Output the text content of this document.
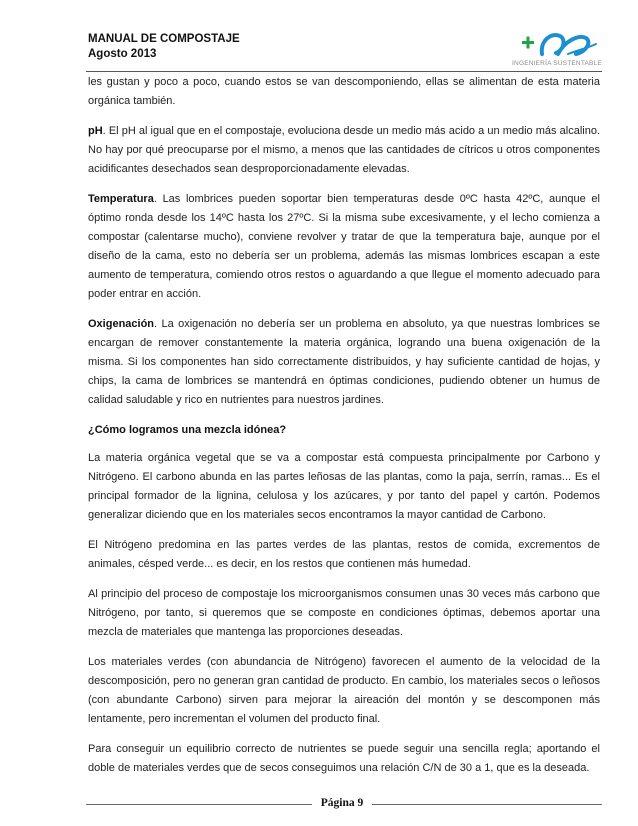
MANUAL DE COMPOSTAJE
Agosto 2013
INGENIERÍA SUSTENTABLE

les gustan y poco a poco, cuando estos se van descomponiendo, ellas se alimentan de esta materia orgánica también.

pH. El pH al igual que en el compostaje, evoluciona desde un medio más acido a un medio más alcalino. No hay por qué preocuparse por el mismo, a menos que las cantidades de cítricos u otros componentes acidificantes desechados sean desproporcionadamente elevadas.

Temperatura. Las lombrices pueden soportar bien temperaturas desde 0ºC hasta 42ºC, aunque el óptimo ronda desde los 14ºC hasta los 27ºC. Si la misma sube excesivamente, y el lecho comienza a compostar (calentarse mucho), conviene revolver y tratar de que la temperatura baje, aunque por el diseño de la cama, esto no debería ser un problema, además las mismas lombrices escapan a este aumento de temperatura, comiendo otros restos o aguardando a que llegue el momento adecuado para poder entrar en acción.

Oxigenación. La oxigenación no debería ser un problema en absoluto, ya que nuestras lombrices se encargan de remover constantemente la materia orgánica, logrando una buena oxigenación de la misma. Si los componentes han sido correctamente distribuidos, y hay suficiente cantidad de hojas, y chips, la cama de lombrices se mantendrá en óptimas condiciones, pudiendo obtener un humus de calidad saludable y rico en nutrientes para nuestros jardines.

¿Cómo logramos una mezcla idónea?

La materia orgánica vegetal que se va a compostar está compuesta principalmente por Carbono y Nitrógeno. El carbono abunda en las partes leñosas de las plantas, como la paja, serrín, ramas... Es el principal formador de la lignina, celulosa y los azúcares, y por tanto del papel y cartón. Podemos generalizar diciendo que en los materiales secos encontramos la mayor cantidad de Carbono.

El Nitrógeno predomina en las partes verdes de las plantas, restos de comida, excrementos de animales, césped verde... es decir, en los restos que contienen más humedad.

Al principio del proceso de compostaje los microorganismos consumen unas 30 veces más carbono que Nitrógeno, por tanto, si queremos que se composte en condiciones óptimas, debemos aportar una mezcla de materiales que mantenga las proporciones deseadas.

Los materiales verdes (con abundancia de Nitrógeno) favorecen el aumento de la velocidad de la descomposición, pero no generan gran cantidad de producto. En cambio, los materiales secos o leñosos (con abundante Carbono) sirven para mejorar la aireación del montón y se descomponen más lentamente, pero incrementan el volumen del producto final.

Para conseguir un equilibrio correcto de nutrientes se puede seguir una sencilla regla; aportando el doble de materiales verdes que de secos conseguimos una relación C/N de 30 a 1, que es la deseada.

Página 9
